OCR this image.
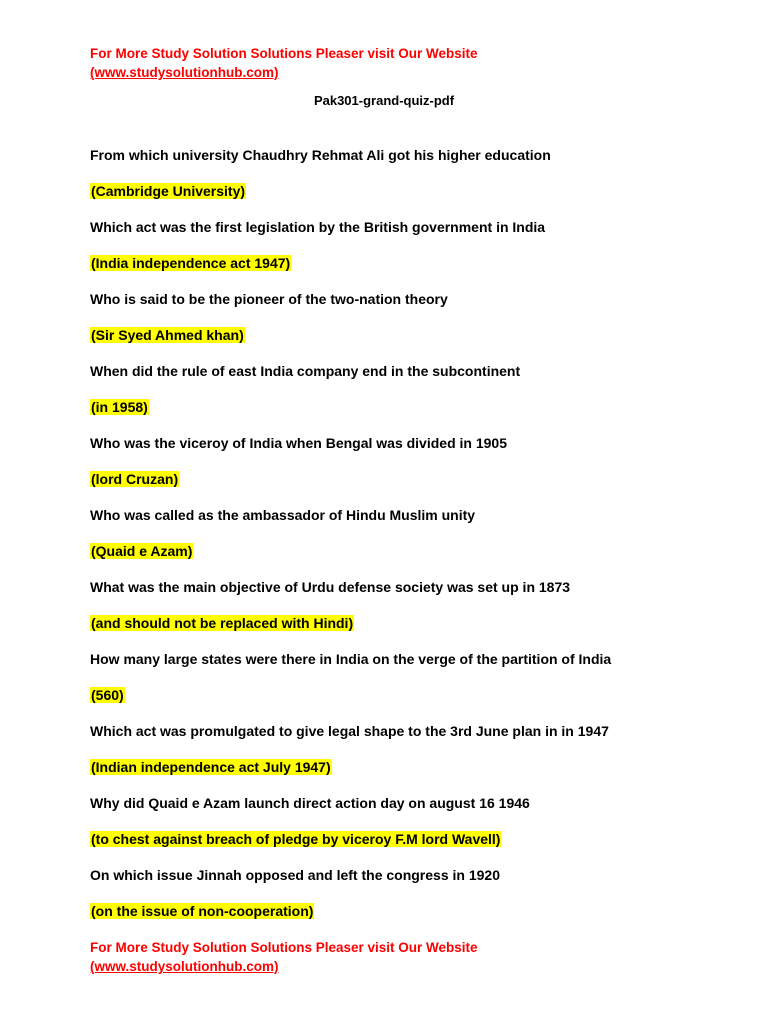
For More Study Solution Solutions Pleaser visit Our Website
(www.studysolutionhub.com)
Pak301-grand-quiz-pdf
From which university Chaudhry Rehmat Ali got his higher education
(Cambridge University)
Which act was the first legislation by the British government in India
(India independence act 1947)
Who is said to be the pioneer of the two-nation theory
(Sir Syed Ahmed khan)
When did the rule of east India company end in the subcontinent
(in 1958)
Who was the viceroy of India when Bengal was divided in 1905
(lord Cruzan)
Who was called as the ambassador of Hindu Muslim unity
(Quaid e Azam)
What was the main objective of Urdu defense society was set up in 1873
(and should not be replaced with Hindi)
How many large states were there in India on the verge of the partition of India
(560)
Which act was promulgated to give legal shape to the 3rd June plan in in 1947
(Indian independence act July 1947)
Why did Quaid e Azam launch direct action day on august 16 1946
(to chest against breach of pledge by viceroy F.M lord Wavell)
On which issue Jinnah opposed and left the congress in 1920
(on the issue of non-cooperation)
For More Study Solution Solutions Pleaser visit Our Website
(www.studysolutionhub.com)
